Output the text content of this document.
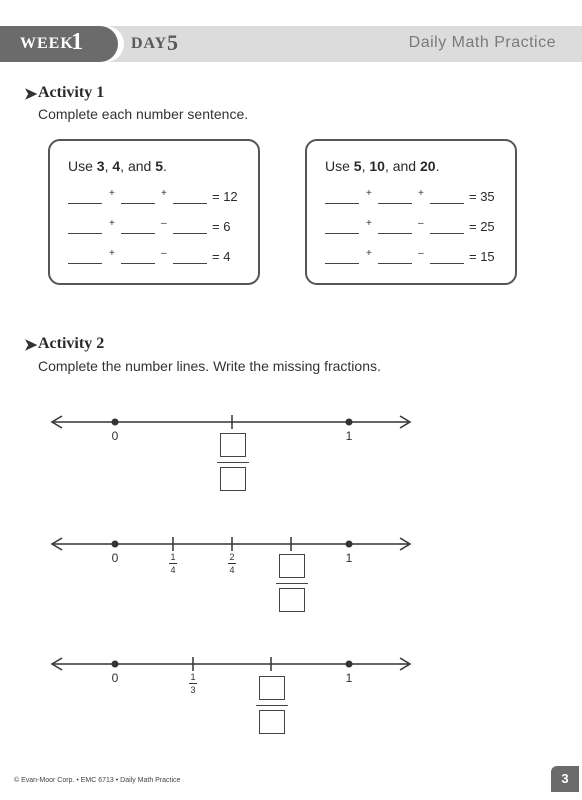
WEEK
1	DAY 5	Daily Math Practice
➤ Activity 1
Complete each number sentence.
Use 3, 4, and 5.
+	+	= 12
+	–	= 6
+	–	= 4
Use 5, 10, and 20.
+	+	= 35
+	–	= 25
+	–	= 15
➤ Activity 2
Complete the number lines. Write the missing fractions.
0	1
0	1
1
4
2
4
0	1
1
3
© Evan-Moor Corp. • EMC 6713 • Daily Math Practice	3
